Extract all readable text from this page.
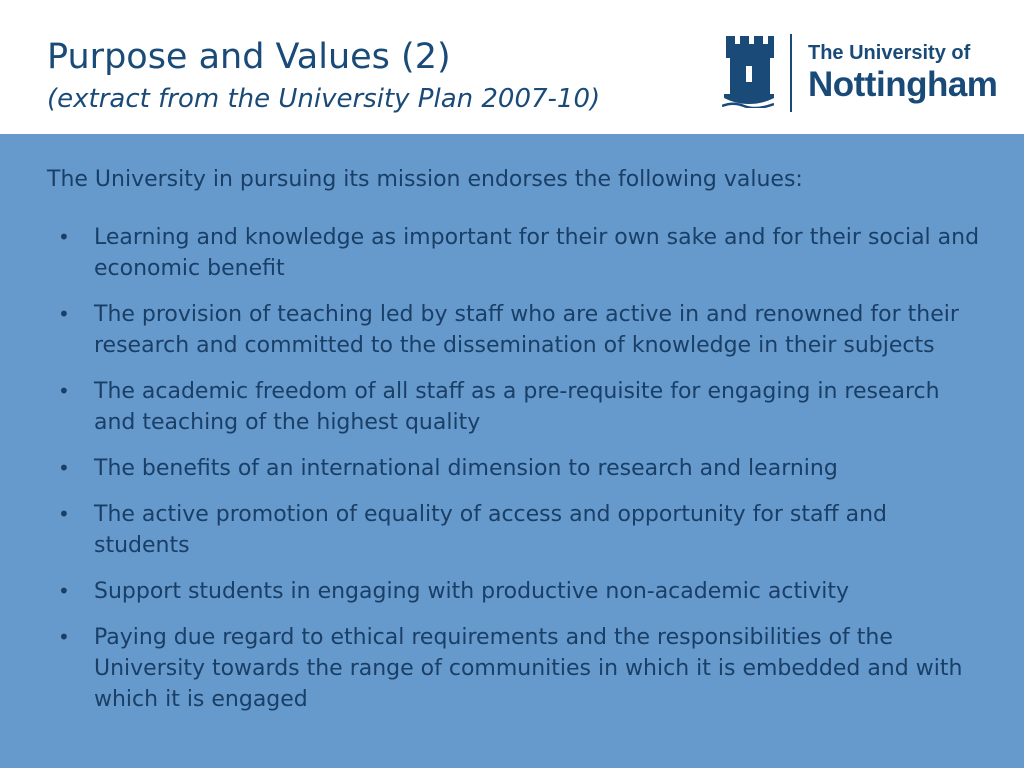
Purpose and Values (2)
(extract from the University Plan 2007-10)
The University of
Nottingham
The University in pursuing its mission endorses the following values:
• Learning and knowledge as important for their own sake and for their social and economic benefit
• The provision of teaching led by staff who are active in and renowned for their research and committed to the dissemination of knowledge in their subjects
• The academic freedom of all staff as a pre-requisite for engaging in research and teaching of the highest quality
• The benefits of an international dimension to research and learning
• The active promotion of equality of access and opportunity for staff and students
• Support students in engaging with productive non-academic activity
• Paying due regard to ethical requirements and the responsibilities of the University towards the range of communities in which it is embedded and with which it is engaged
